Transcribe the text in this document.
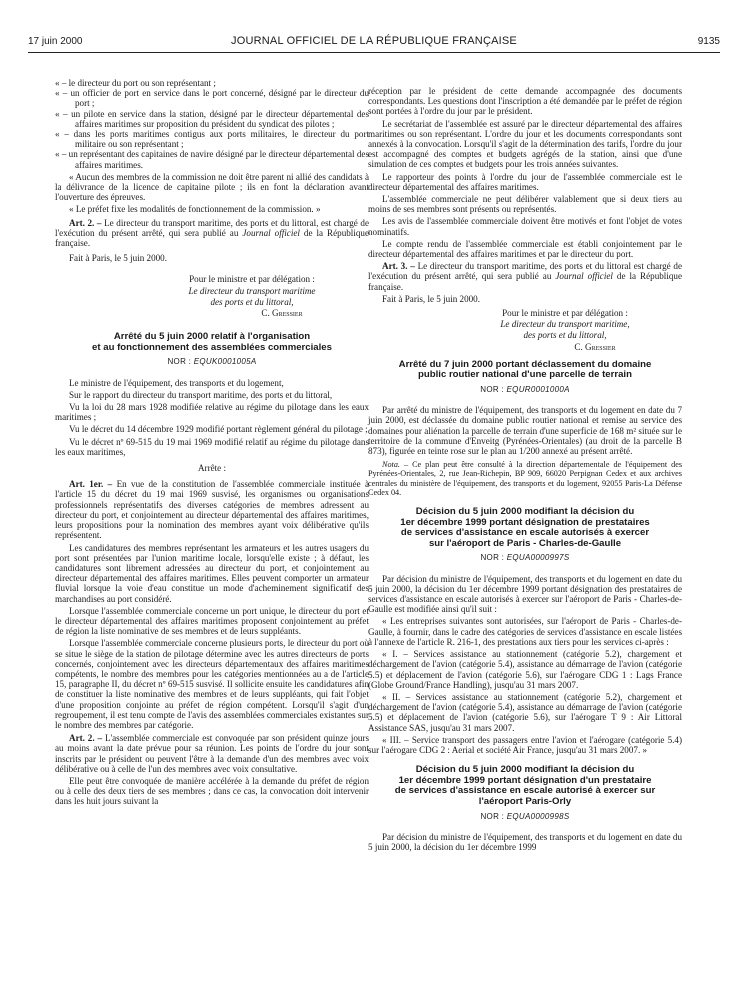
17 juin 2000	JOURNAL OFFICIEL DE LA RÉPUBLIQUE FRANÇAISE	9135

« – le directeur du port ou son représentant ;

« – un officier de port en service dans le port concerné, désigné par le directeur du port ;

« – un pilote en service dans la station, désigné par le directeur départemental des affaires maritimes sur proposition du président du syndicat des pilotes ;

« – dans les ports maritimes contigus aux ports militaires, le directeur du port militaire ou son représentant ;

« – un représentant des capitaines de navire désigné par le directeur départemental des affaires maritimes.

« Aucun des membres de la commission ne doit être parent ni allié des candidats à la délivrance de la licence de capitaine pilote ; ils en font la déclaration avant l'ouverture des épreuves.

« Le préfet fixe les modalités de fonctionnement de la commission. »

Art. 2. – Le directeur du transport maritime, des ports et du littoral, est chargé de l'exécution du présent arrêté, qui sera publié au Journal officiel de la République française.

Fait à Paris, le 5 juin 2000.

Pour le ministre et par délégation :

Le directeur du transport maritime

des ports et du littoral,

C. Gressier

Arrêté du 5 juin 2000 relatif à l'organisation
et au fonctionnement des assemblées commerciales
NOR : EQUK0001005A

Le ministre de l'équipement, des transports et du logement,

Sur le rapport du directeur du transport maritime, des ports et du littoral,

Vu la loi du 28 mars 1928 modifiée relative au régime du pilotage dans les eaux maritimes ;

Vu le décret du 14 décembre 1929 modifié portant règlement général du pilotage ;

Vu le décret nº 69-515 du 19 mai 1969 modifié relatif au régime du pilotage dans les eaux maritimes,

Arrête :

Art. 1er. – En vue de la constitution de l'assemblée commerciale instituée à l'article 15 du décret du 19 mai 1969 susvisé, les organismes ou organisations professionnels représentatifs des diverses catégories de membres adressent au directeur du port, et conjointement au directeur départemental des affaires maritimes, leurs propositions pour la nomination des membres ayant voix délibérative qu'ils représentent.

Les candidatures des membres représentant les armateurs et les autres usagers du port sont présentées par l'union maritime locale, lorsqu'elle existe ; à défaut, les candidatures sont librement adressées au directeur du port, et conjointement au directeur départemental des affaires maritimes. Elles peuvent comporter un armateur fluvial lorsque la voie d'eau constitue un mode d'acheminement significatif des marchandises au port considéré.

Lorsque l'assemblée commerciale concerne un port unique, le directeur du port et le directeur départemental des affaires maritimes proposent conjointement au préfet de région la liste nominative de ses membres et de leurs suppléants.

Lorsque l'assemblée commerciale concerne plusieurs ports, le directeur du port où se situe le siège de la station de pilotage détermine avec les autres directeurs de ports concernés, conjointement avec les directeurs départementaux des affaires maritimes compétents, le nombre des membres pour les catégories mentionnées au a de l'article 15, paragraphe II, du décret nº 69-515 susvisé. Il sollicite ensuite les candidatures afin de constituer la liste nominative des membres et de leurs suppléants, qui fait l'objet d'une proposition conjointe au préfet de région compétent. Lorsqu'il s'agit d'un regroupement, il est tenu compte de l'avis des assemblées commerciales existantes sur le nombre des membres par catégorie.

Art. 2. – L'assemblée commerciale est convoquée par son président quinze jours au moins avant la date prévue pour sa réunion. Les points de l'ordre du jour sont inscrits par le président ou peuvent l'être à la demande d'un des membres avec voix délibérative ou à celle de l'un des membres avec voix consultative.

Elle peut être convoquée de manière accélérée à la demande du préfet de région ou à celle des deux tiers de ses membres ; dans ce cas, la convocation doit intervenir dans les huit jours suivant la

réception par le président de cette demande accompagnée des documents correspondants. Les questions dont l'inscription a été demandée par le préfet de région sont portées à l'ordre du jour par le président.

Le secrétariat de l'assemblée est assuré par le directeur départemental des affaires maritimes ou son représentant. L'ordre du jour et les documents correspondants sont annexés à la convocation. Lorsqu'il s'agit de la détermination des tarifs, l'ordre du jour est accompagné des comptes et budgets agrégés de la station, ainsi que d'une simulation de ces comptes et budgets pour les trois années suivantes.

Le rapporteur des points à l'ordre du jour de l'assemblée commerciale est le directeur départemental des affaires maritimes.

L'assemblée commerciale ne peut délibérer valablement que si deux tiers au moins de ses membres sont présents ou représentés.

Les avis de l'assemblée commerciale doivent être motivés et font l'objet de votes nominatifs.

Le compte rendu de l'assemblée commerciale est établi conjointement par le directeur départemental des affaires maritimes et par le directeur du port.

Art. 3. – Le directeur du transport maritime, des ports et du littoral est chargé de l'exécution du présent arrêté, qui sera publié au Journal officiel de la République française.

Fait à Paris, le 5 juin 2000.

Pour le ministre et par délégation :

Le directeur du transport maritime,

des ports et du littoral,

C. Gressier

Arrêté du 7 juin 2000 portant déclassement du domaine
public routier national d'une parcelle de terrain
NOR : EQUR0001000A

Par arrêté du ministre de l'équipement, des transports et du logement en date du 7 juin 2000, est déclassée du domaine public routier national et remise au service des domaines pour aliénation la parcelle de terrain d'une superficie de 168 m² située sur le territoire de la commune d'Enveitg (Pyrénées-Orientales) (au droit de la parcelle B 873), figurée en teinte rose sur le plan au 1/200 annexé au présent arrêté.

Nota. – Ce plan peut être consulté à la direction départementale de l'équipement des Pyrénées-Orientales, 2, rue Jean-Richepin, BP 909, 66020 Perpignan Cedex et aux archives centrales du ministère de l'équipement, des transports et du logement, 92055 Paris-La Défense Cedex 04.

Décision du 5 juin 2000 modifiant la décision du
1er décembre 1999 portant désignation de prestataires
de services d'assistance en escale autorisés à exercer
sur l'aéroport de Paris - Charles-de-Gaulle
NOR : EQUA0000997S

Par décision du ministre de l'équipement, des transports et du logement en date du 5 juin 2000, la décision du 1er décembre 1999 portant désignation des prestataires de services d'assistance en escale autorisés à exercer sur l'aéroport de Paris - Charles-de-Gaulle est modifiée ainsi qu'il suit :

« Les entreprises suivantes sont autorisées, sur l'aéroport de Paris - Charles-de-Gaulle, à fournir, dans le cadre des catégories de services d'assistance en escale listées à l'annexe de l'article R. 216-1, des prestations aux tiers pour les services ci-après :

« I. – Services assistance au stationnement (catégorie 5.2), chargement et déchargement de l'avion (catégorie 5.4), assistance au démarrage de l'avion (catégorie 5.5) et déplacement de l'avion (catégorie 5.6), sur l'aérogare CDG 1 : Lags France (Globe Ground/France Handling), jusqu'au 31 mars 2007.

« II. – Services assistance au stationnement (catégorie 5.2), chargement et déchargement de l'avion (catégorie 5.4), assistance au démarrage de l'avion (catégorie 5.5) et déplacement de l'avion (catégorie 5.6), sur l'aérogare T 9 : Air Littoral Assistance SAS, jusqu'au 31 mars 2007.

« III. – Service transport des passagers entre l'avion et l'aérogare (catégorie 5.4) sur l'aérogare CDG 2 : Aerial et société Air France, jusqu'au 31 mars 2007. »

Décision du 5 juin 2000 modifiant la décision du
1er décembre 1999 portant désignation d'un prestataire
de services d'assistance en escale autorisé à exercer sur
l'aéroport Paris-Orly
NOR : EQUA0000998S

Par décision du ministre de l'équipement, des transports et du logement en date du 5 juin 2000, la décision du 1er décembre 1999
